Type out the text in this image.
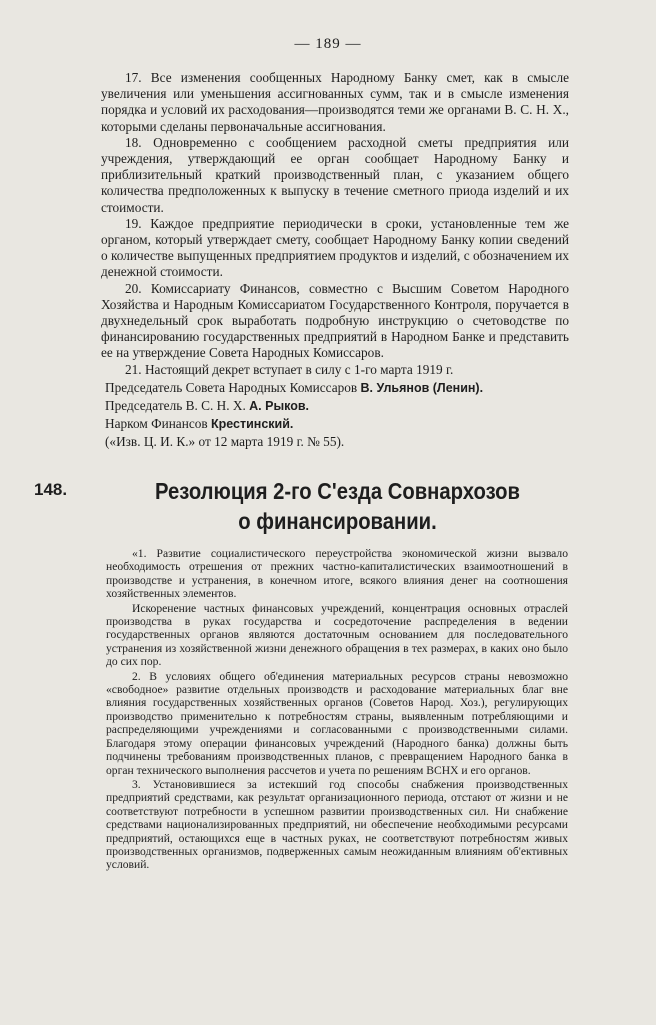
— 189 —

17. Все изменения сообщенных Народному Банку смет, как в смысле увеличения или уменьшения ассигнованных сумм, так и в смысле изменения порядка и условий их расходования—производятся теми же органами В. С. Н. Х., которыми сделаны первоначальные ассигнования.

18. Одновременно с сообщением расходной сметы предприятия или учреждения, утверждающий ее орган сообщает Народному Банку и приблизительный краткий производственный план, с указанием общего количества предположенных к выпуску в течение сметного приода изделий и их стоимости.

19. Каждое предприятие периодически в сроки, установленные тем же органом, который утверждает смету, сообщает Народному Банку копии сведений о количестве выпущенных предприятием продуктов и изделий, с обозначением их денежной стоимости.

20. Комиссариату Финансов, совместно с Высшим Советом Народного Хозяйства и Народным Комиссариатом Государственного Контроля, поручается в двухнедельный срок выработать подробную инструкцию о счетоводстве по финансированию государственных предприятий в Народном Банке и представить ее на утверждение Совета Народных Комиссаров.

21. Настоящий декрет вступает в силу с 1-го марта 1919 г.

Председатель Совета Народных Комиссаров В. Ульянов (Ленин).

Председатель В. С. Н. Х. А. Рыков.

Нарком Финансов Крестинский.

(«Изв. Ц. И. К.» от 12 марта 1919 г. № 55).

148.	Резолюция 2-го С'езда Совнархозов
о финансировании.

«1. Развитие социалистического переустройства экономической жизни вызвало необходимость отрешения от прежних частно-капиталистических взаимоотношений в производстве и устранения, в конечном итоге, всякого влияния денег на соотношения хозяйственных элементов.

Искоренение частных финансовых учреждений, концентрация основных отраслей производства в руках государства и сосредоточение распределения в ведении государственных органов являются достаточным основанием для последовательного устранения из хозяйственной жизни денежного обращения в тех размерах, в каких оно было до сих пор.

2. В условиях общего об'единения материальных ресурсов страны невозможно «свободное» развитие отдельных производств и расходование материальных благ вне влияния государственных хозяйственных органов (Советов Народ. Хоз.), регулирующих производство применительно к потребностям страны, выявленным потребляющими и распределяющими учреждениями и согласованными с производственными силами. Благодаря этому операции финансовых учреждений (Народного банка) должны быть подчинены требованиям производственных планов, с превращением Народного банка в орган технического выполнения рассчетов и учета по решениям ВСНХ и его органов.

3. Установившиеся за истекший год способы снабжения производственных предприятий средствами, как результат организационного периода, отстают от жизни и не соответствуют потребности в успешном развитии производственных сил. Ни снабжение средствами национализированных предприятий, ни обеспечение необходимыми ресурсами предприятий, остающихся еще в частных руках, не соответствуют потребностям живых производственных организмов, подверженных самым неожиданным влияниям об'ективных условий.
